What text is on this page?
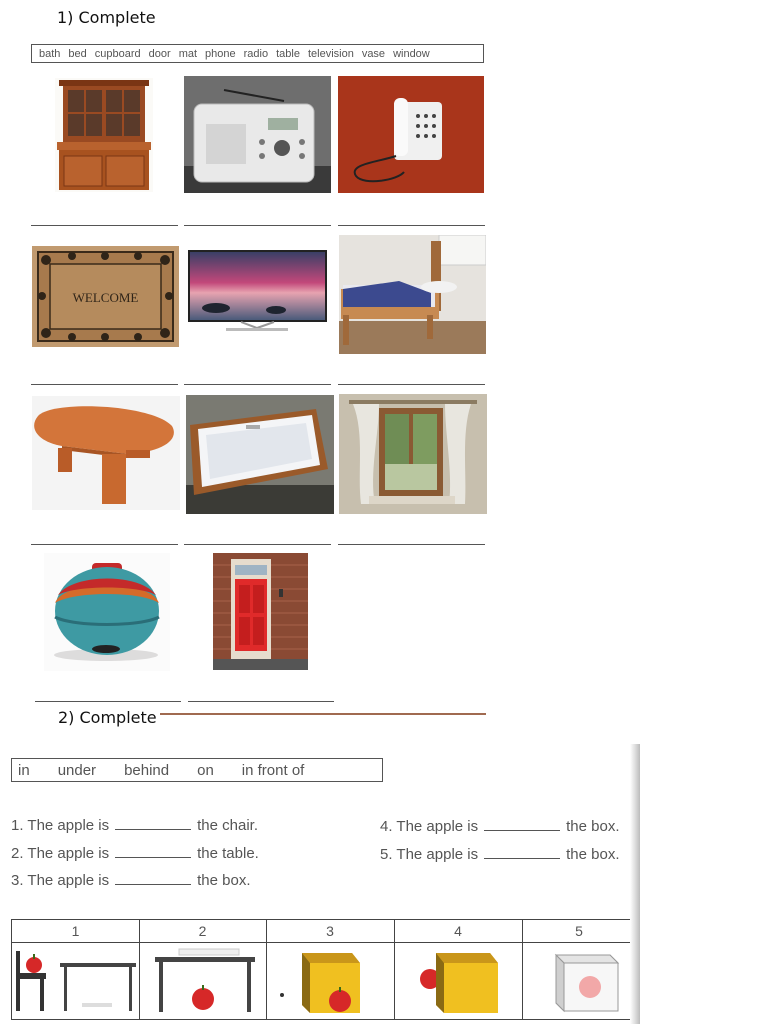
1) Complete
bath bed cupboard door mat phone radio table television vase window
WELCOME
2) Complete
in under behind on in front of
1. The apple is	the chair.
2. The apple is	the table.
3. The apple is	the box.
4. The apple is	the box.
5. The apple is	the box.
1	2	3	4	5
